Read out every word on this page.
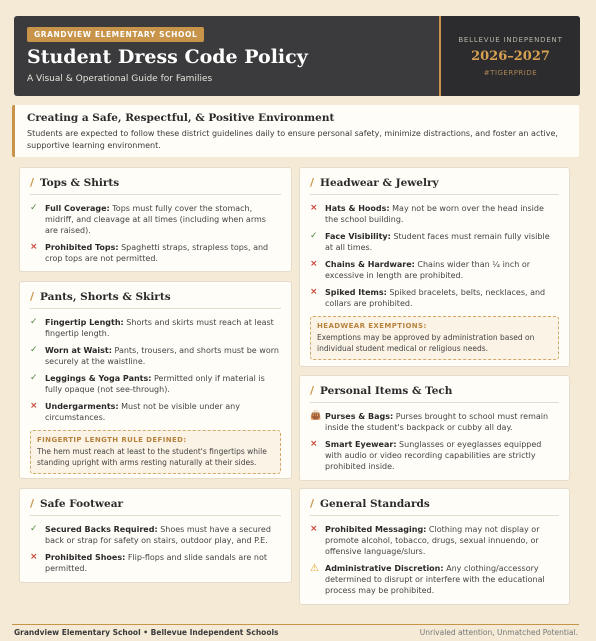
GRANDVIEW ELEMENTARY SCHOOL
Student Dress Code Policy
A Visual & Operational Guide for Families
BELLEVUE INDEPENDENT
2026–2027
#TIGERPRIDE
Creating a Safe, Respectful, & Positive Environment
Students are expected to follow these district guidelines daily to ensure personal safety, minimize distractions, and foster an active, supportive learning environment.
/ Tops & Shirts
✓ Full Coverage: Tops must fully cover the stomach, midriff, and cleavage at all times (including when arms are raised).
× Prohibited Tops: Spaghetti straps, strapless tops, and crop tops are not permitted.
/ Pants, Shorts & Skirts
✓ Fingertip Length: Shorts and skirts must reach at least fingertip length.
✓ Worn at Waist: Pants, trousers, and shorts must be worn securely at the waistline.
✓ Leggings & Yoga Pants: Permitted only if material is fully opaque (not see-through).
× Undergarments: Must not be visible under any circumstances.
FINGERTIP LENGTH RULE DEFINED:
The hem must reach at least to the student's fingertips while standing upright with arms resting naturally at their sides.
/ Safe Footwear
✓ Secured Backs Required: Shoes must have a secured back or strap for safety on stairs, outdoor play, and P.E.
× Prohibited Shoes: Flip-flops and slide sandals are not permitted.
/ Headwear & Jewelry
× Hats & Hoods: May not be worn over the head inside the school building.
✓ Face Visibility: Student faces must remain fully visible at all times.
× Chains & Hardware: Chains wider than ¼ inch or excessive in length are prohibited.
× Spiked Items: Spiked bracelets, belts, necklaces, and collars are prohibited.
HEADWEAR EXEMPTIONS:
Exemptions may be approved by administration based on individual student medical or religious needs.
/ Personal Items & Tech
👜 Purses & Bags: Purses brought to school must remain inside the student's backpack or cubby all day.
× Smart Eyewear: Sunglasses or eyeglasses equipped with audio or video recording capabilities are strictly prohibited inside.
/ General Standards
× Prohibited Messaging: Clothing may not display or promote alcohol, tobacco, drugs, sexual innuendo, or offensive language/slurs.
⚠ Administrative Discretion: Any clothing/accessory determined to disrupt or interfere with the educational process may be prohibited.
Grandview Elementary School • Bellevue Independent Schools	Unrivaled attention, Unmatched Potential.
